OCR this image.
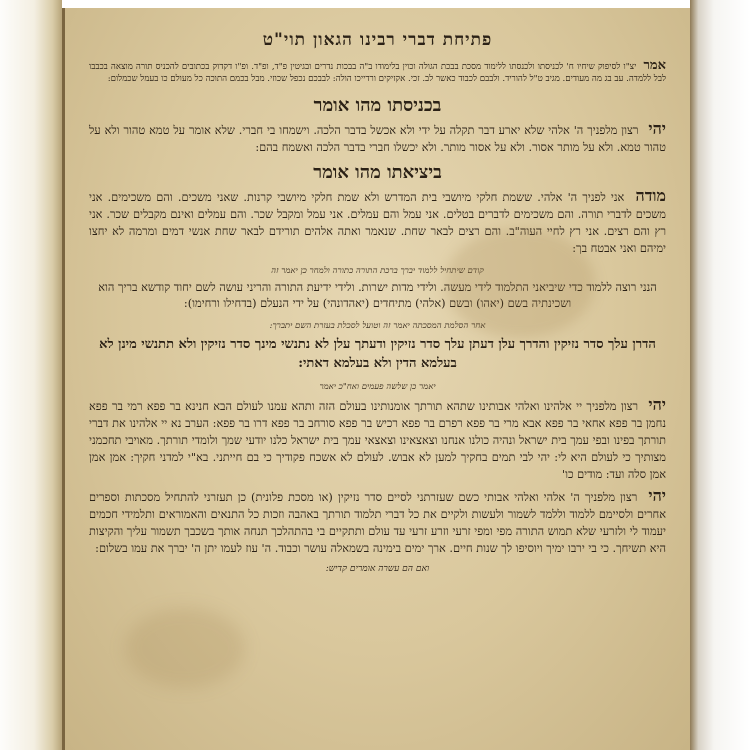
פתיחת דברי רבינו הגאון תוי"ט
אמר יצ"ו לסיפוק שיחיו ח' לכניסתו ולכנסתו ללימוד מסכת בבכת הגולה וכוין בלימודו ב"ה בבכות נדרים ובגיטין פ"ד, ופ"ד. ופ"ו דקדוק בכתובים להכניס תורה מוצאה בכבבו לבל ללמדה. עב בג מה מעודים. מגיב ט"ל להוריד. ולבבם לכבוד כאשר לב. זכי. אקזיקים ורדייכו הולה: לבבכם נכפל שכוזי. מבל בכמם התוכה כל מעולם כו בעמל שכמלום:
בכניסתו מהו אומר
יהי רצון מלפניך ה' אלהי שלא יארע דבר תקלה על ידי ולא אכשל בדבר הלכה. וישמחו בי חברי. שלא אומר על טמא טהור ולא על טהור טמא. ולא על מותר אסור. ולא על אסור מותר. ולא יכשלו חברי בדבר הלכה ואשמח בהם:
ביציאתו מהו אומר
מודה אני לפניך ה' אלהי. ששמת חלקי מיושבי בית המדרש ולא שמת חלקי מיושבי קרנות. שאני משכים. והם משכימים. אני משכים לדברי תורה. והם משכימים לדברים בטלים. אני עמל והם עמלים. אני עמל ומקבל שכר. והם עמלים ואינם מקבלים שכר. אני רץ והם רצים. אני רץ לחיי העוה"ב. והם רצים לבאר שחת. שנאמר ואתה אלהים תורידם לבאר שחת אנשי דמים ומרמה לא יחצו ימיהם ואני אבטח בך:
קודם שיתחיל ללמוד יברך ברכת התורה כתורה ולמחר כן יאמר זה
הנני רוצה ללמוד כדי שיביאני התלמוד לידי מעשה. ולידי מדות ישרות. ולידי ידיעת התורה והריני עושה לשם יחוד קודשא בריך הוא ושכינתיה בשם (יאהו) ובשם (אלהי) מתיחדים (יאהדונהי) על ידי הנעלם (בדחילו ורחימו):
אחר הסלמת המסכתה יאמר זה וטועל לסכלת בעזרת השם יתברך:
הדרן עלך סדר נזיקין והדרך עלן דעתן עלך סדר נזיקין ודעתך עלן לא נתנשי מינך סדר נזיקין ולא תתנשי מינן לא בעלמא הדין ולא בעלמא דאתי:
יאמר כן שלשה פעמים ואח"כ יאמר
יהי רצון מלפניך יי אלהינו ואלהי אבותינו שתהא תורתך אומנותינו בעולם הזה ותהא עמנו לעולם הבא חנינא בר פפא רמי בר פפא נחמן בר פפא אחאי בר פפא אבא מרי בר פפא רפרם בר פפא רכיש בר פפא סורחב בר פפא דרו בר פפא: הערב נא יי אלהינו את דברי תורתך בפינו ובפי עמך בית ישראל ונהיה כולנו אנחנו וצאצאינו וצאצאי עמך בית ישראל כלנו יודעי שמך ולומדי תורתך. מאויבי תחכמני מצותיך כי לעולם היא לי: יהי לבי תמים בחקיך למען לא אבוש. לעולם לא אשכח פקודיך כי בם חייתני. בא"י למדני חקיך: אמן אמן אמן סלה ועד: מודים כו'
יהי רצון מלפניך ה' אלהי ואלהי אבותי כשם שעזרתני לסיים סדר נזיקין (או מסכת פלונית) כן תעזרני להתחיל מסכתות וספרים אחרים ולסיימם ללמוד וללמד לשמור ולעשות ולקיים את כל דברי תלמוד תורתך באהבה וזכות כל התנאים והאמוראים ותלמידי חכמים יעמוד לי ולזרעי שלא תמוש התורה מפי ומפי זרעי וזרע זרעי עד עולם ותתקיים בי בהתהלכך תנחה אותך בשכבך תשמור עליך והקיצות היא תשיחך. כי בי ירבו ימיך ויוסיפו לך שנות חיים. ארך ימים בימינה בשמאלה עושר וכבוד. ה' עוז לעמו יתן ה' יברך את עמו בשלום:
ואם הם עשרה אומרים קדיש:
